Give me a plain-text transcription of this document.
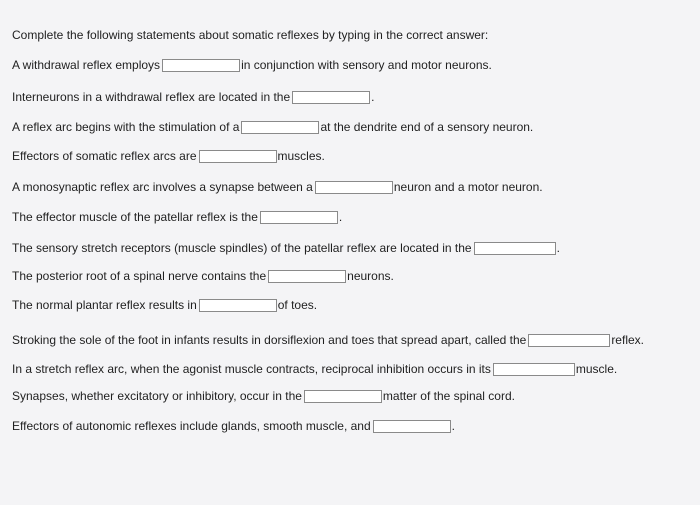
Complete the following statements about somatic reflexes by typing in the correct answer:
A withdrawal reflex employs	in conjunction with sensory and motor neurons.
Interneurons in a withdrawal reflex are located in the	.
A reflex arc begins with the stimulation of a	at the dendrite end of a sensory neuron.
Effectors of somatic reflex arcs are	muscles.
A monosynaptic reflex arc involves a synapse between a	neuron and a motor neuron.
The effector muscle of the patellar reflex is the	.
The sensory stretch receptors (muscle spindles) of the patellar reflex are located in the	.
The posterior root of a spinal nerve contains the	neurons.
The normal plantar reflex results in	of toes.
Stroking the sole of the foot in infants results in dorsiflexion and toes that spread apart, called the	reflex.
In a stretch reflex arc, when the agonist muscle contracts, reciprocal inhibition occurs in its	muscle.
Synapses, whether excitatory or inhibitory, occur in the	matter of the spinal cord.
Effectors of autonomic reflexes include glands, smooth muscle, and	.
